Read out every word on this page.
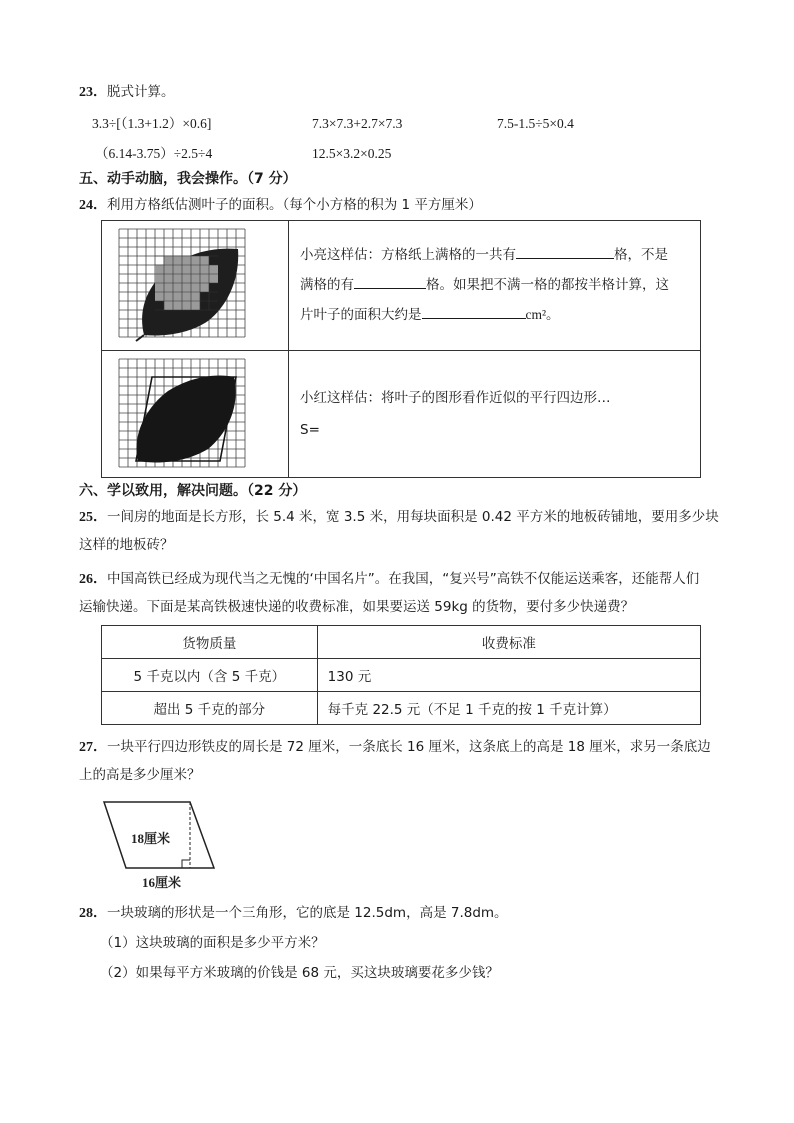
23．脱式计算。
3.3÷[（1.3+1.2）×0.6]	7.3×7.3+2.7×7.3	7.5-1.5÷5×0.4
（6.14-3.75）÷2.5÷4	12.5×3.2×0.25
五、动手动脑，我会操作。（7 分）
24．利用方格纸估测叶子的面积。（每个小方格的积为 1 平方厘米）
小亮这样估：方格纸上满格的一共有	格，不是
满格的有	格。如果把不满一格的都按半格计算，这
片叶子的面积大约是	cm²。
小红这样估：将叶子的图形看作近似的平行四边形…
S=
六、学以致用，解决问题。（22 分）
25．一间房的地面是长方形，长 5.4 米，宽 3.5 米，用每块面积是 0.42 平方米的地板砖铺地，要用多少块
这样的地板砖？
26．中国高铁已经成为现代当之无愧的‘中国名片”。在我国，“复兴号”高铁不仅能运送乘客，还能帮人们
运输快递。下面是某高铁极速快递的收费标准，如果要运送 59kg 的货物，要付多少快递费？
货物质量	收费标准
5 千克以内（含 5 千克）	130 元
超出 5 千克的部分	每千克 22.5 元（不足 1 千克的按 1 千克计算）
27．一块平行四边形铁皮的周长是 72 厘米，一条底长 16 厘米，这条底上的高是 18 厘米，求另一条底边
上的高是多少厘米？
18厘米
16厘米
28．一块玻璃的形状是一个三角形，它的底是 12.5dm，高是 7.8dm。
（1）这块玻璃的面积是多少平方米？
（2）如果每平方米玻璃的价钱是 68 元，买这块玻璃要花多少钱？
